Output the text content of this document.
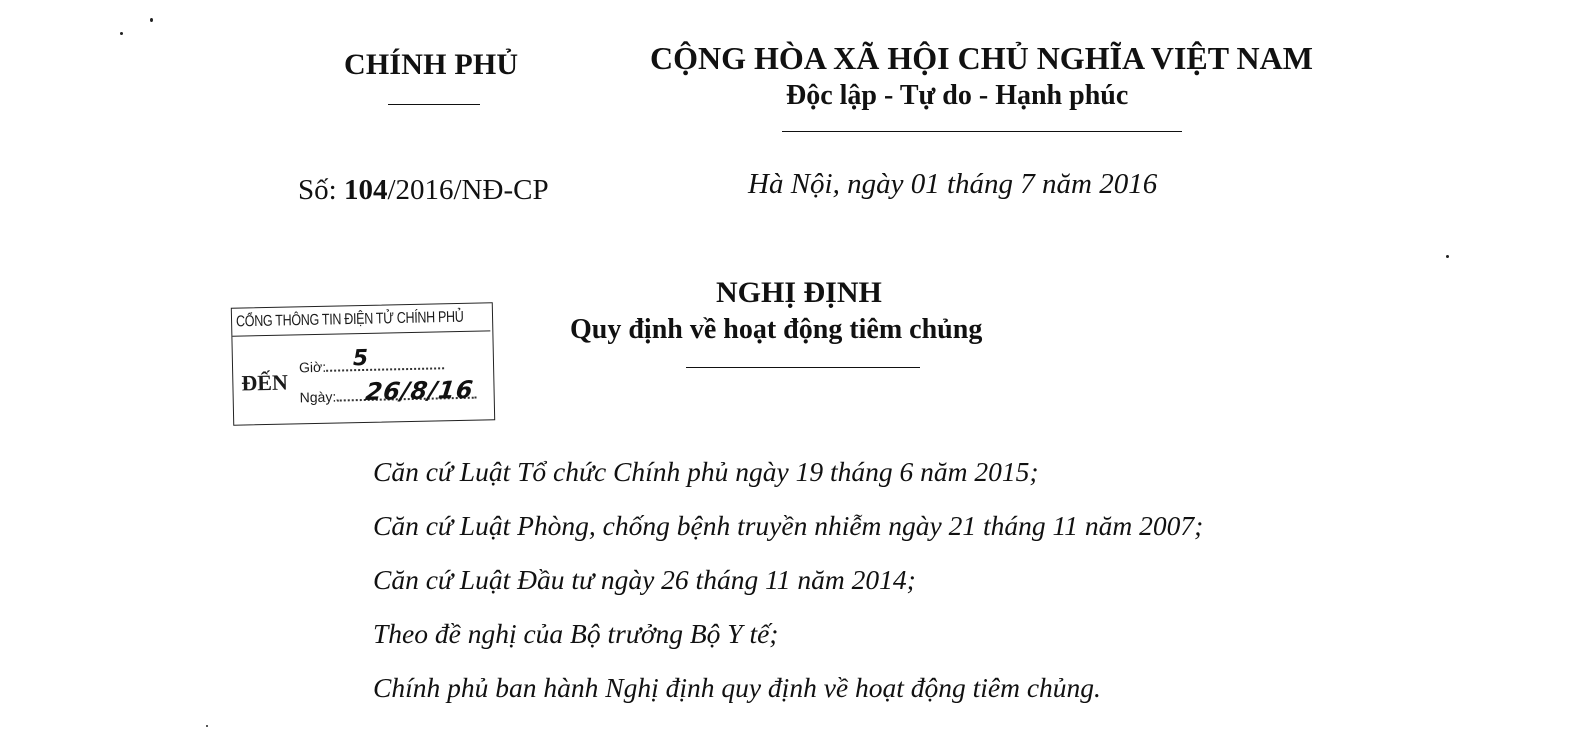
CHÍNH PHỦ	CỘNG HÒA XÃ HỘI CHỦ NGHĨA VIỆT NAM
Độc lập - Tự do - Hạnh phúc
Số: 104/2016/NĐ-CP	Hà Nội, ngày 01 tháng 7 năm 2016
NGHỊ ĐỊNH
Quy định về hoạt động tiêm chủng
CỔNG THÔNG TIN ĐIỆN TỬ CHÍNH PHỦ
ĐẾN
Giờ:
Ngày:
5
26/8/16
Căn cứ Luật Tổ chức Chính phủ ngày 19 tháng 6 năm 2015;
Căn cứ Luật Phòng, chống bệnh truyền nhiễm ngày 21 tháng 11 năm 2007;
Căn cứ Luật Đầu tư ngày 26 tháng 11 năm 2014;
Theo đề nghị của Bộ trưởng Bộ Y tế;
Chính phủ ban hành Nghị định quy định về hoạt động tiêm chủng.
